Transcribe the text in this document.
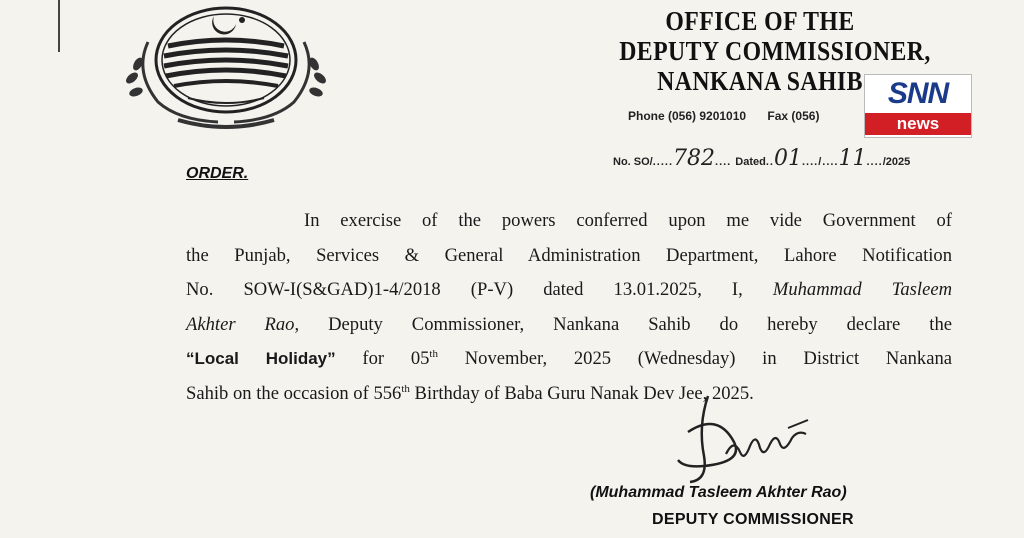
OFFICE OF THE
DEPUTY COMMISSIONER,
NANKANA SAHIB
Phone (056) 9201010 Fax (056)
SNN
news
No. SO/.....782.... Dated..01..../....11..../2025
ORDER.
In exercise of the powers conferred upon me vide Government of
the Punjab, Services & General Administration Department, Lahore Notification
No. SOW-I(S&GAD)1-4/2018 (P-V) dated 13.01.2025, I, Muhammad Tasleem
Akhter Rao, Deputy Commissioner, Nankana Sahib do hereby declare the
“Local Holiday” for 05th November, 2025 (Wednesday) in District Nankana
Sahib on the occasion of 556th Birthday of Baba Guru Nanak Dev Jee, 2025.
(Muhammad Tasleem Akhter Rao)
DEPUTY COMMISSIONER
